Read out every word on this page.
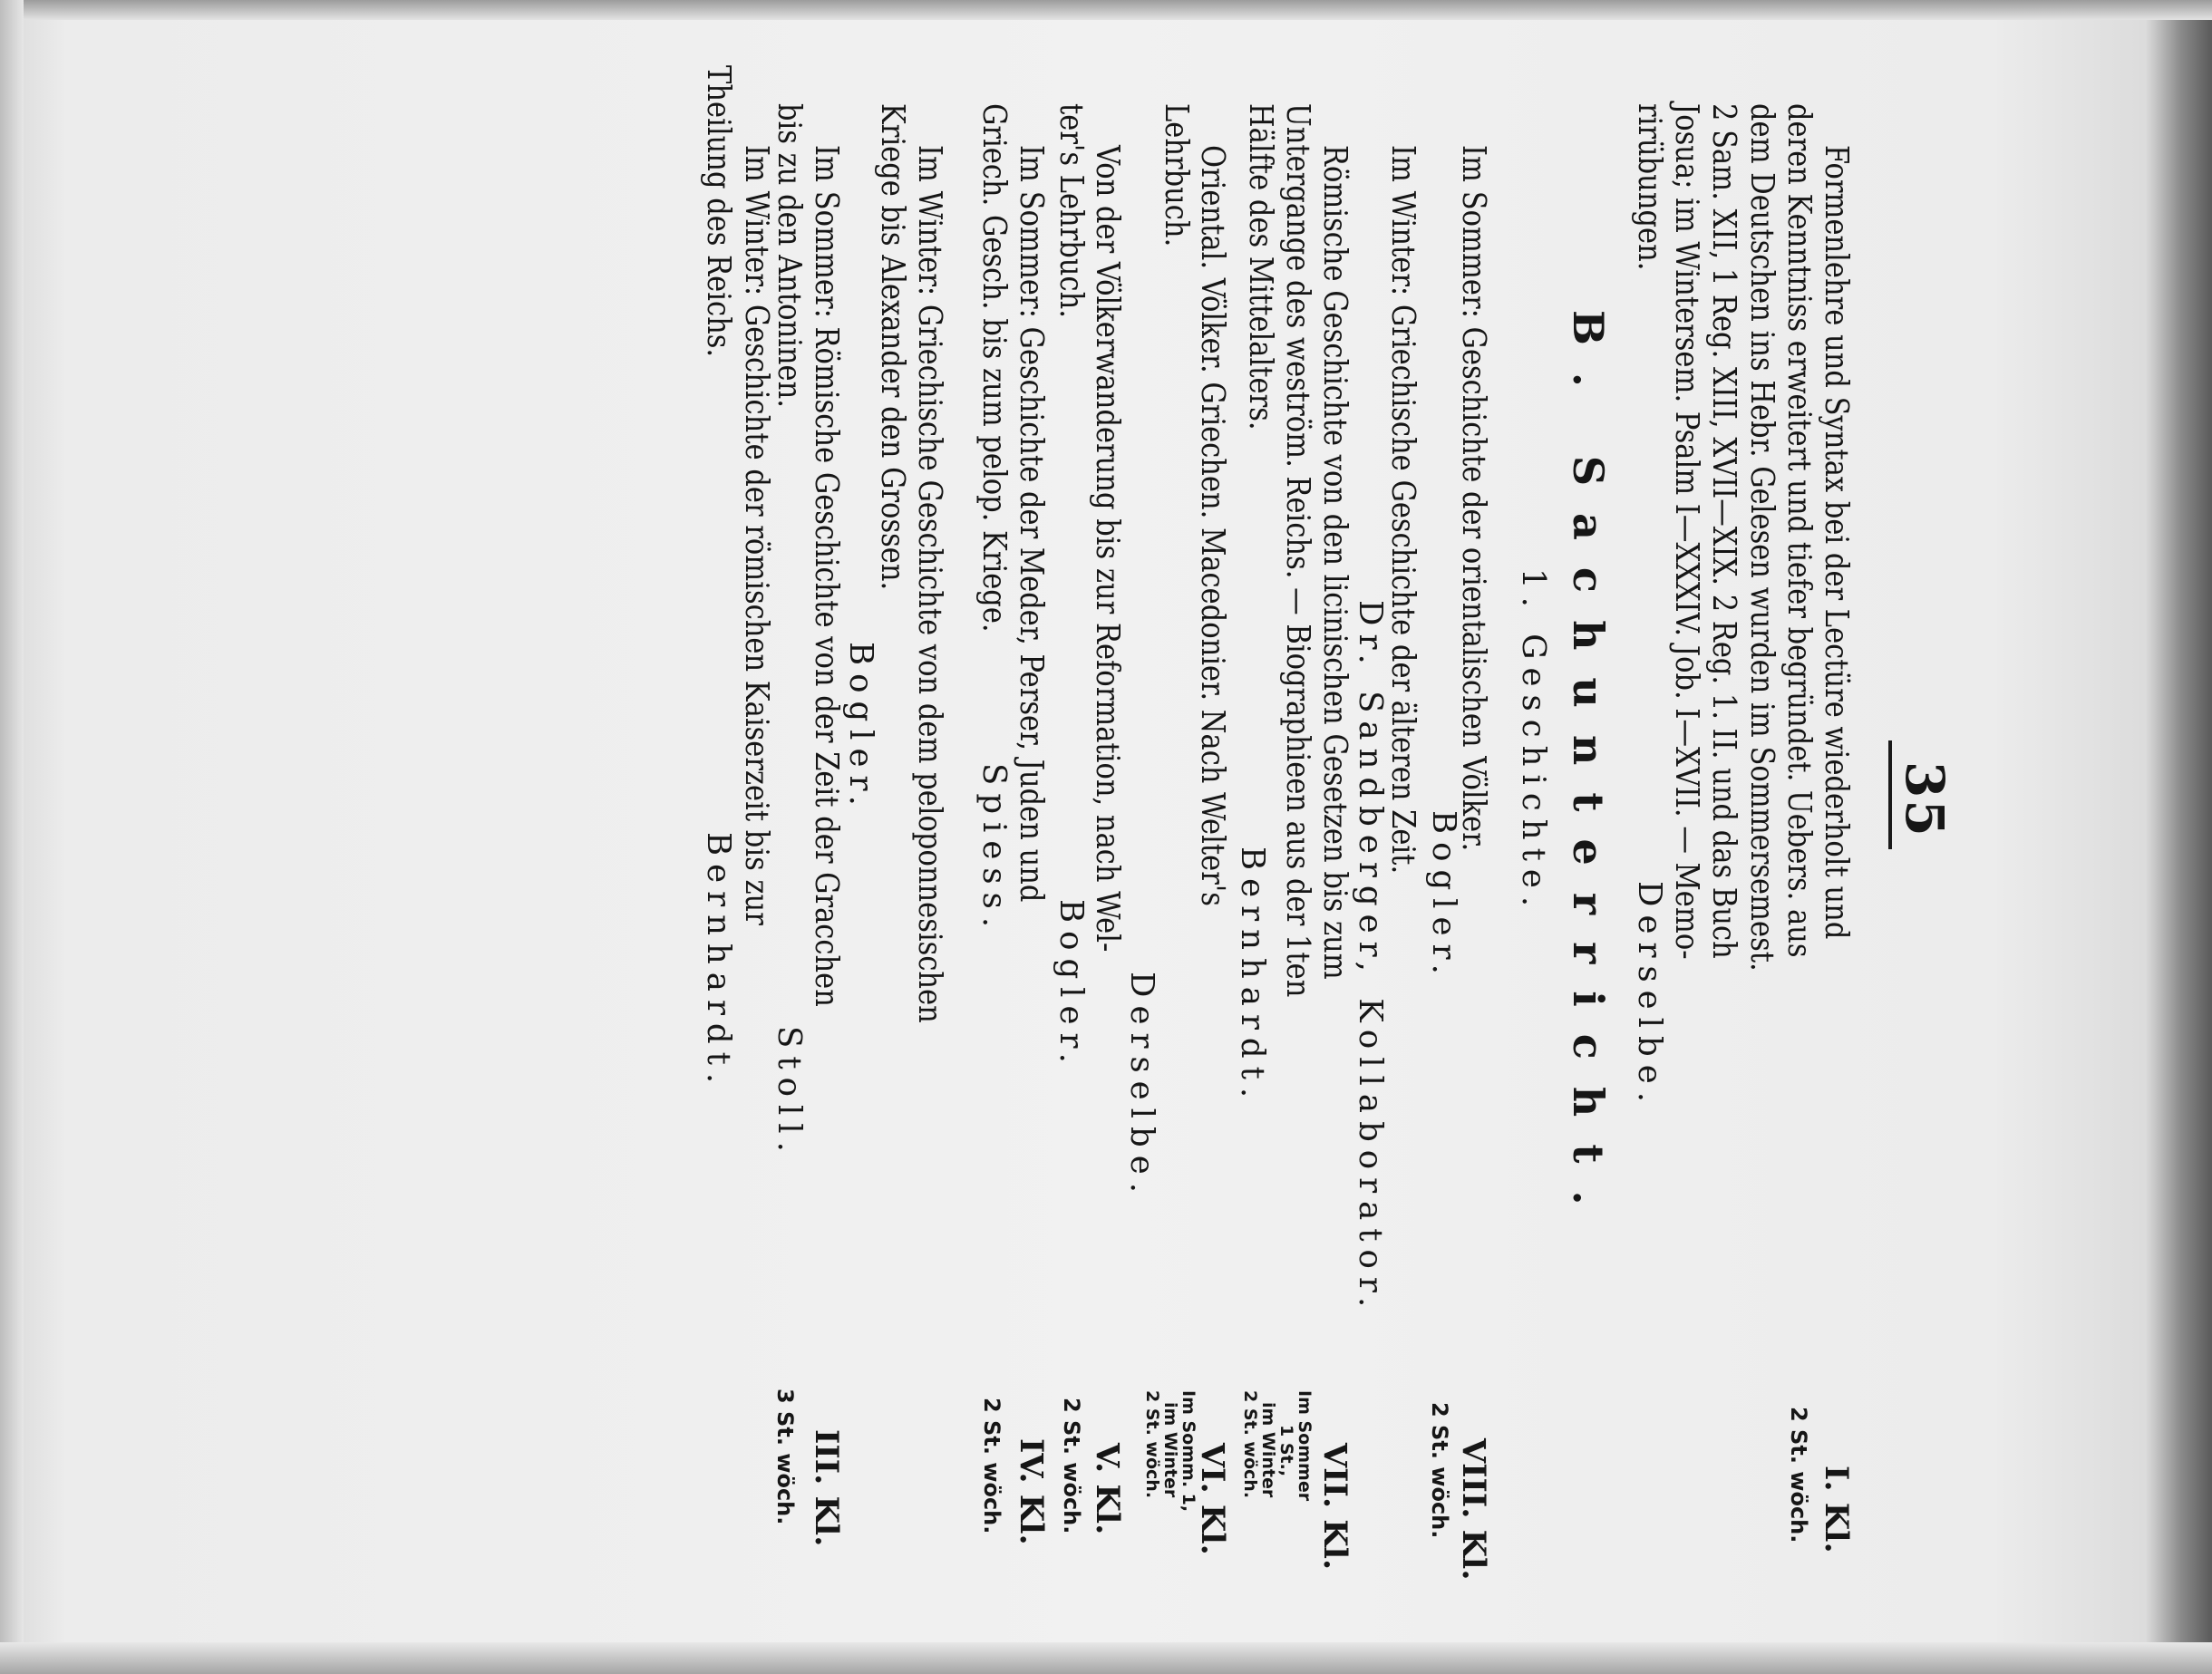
35
Formenlehre und Syntax bei der Lectüre wiederholt und
I. Kl.
deren Kenntniss erweitert und tiefer begründet. Uebers. aus
2 St. wöch.
dem Deutschen ins Hebr. Gelesen wurden im Sommersemest.
2 Sam. XII, 1 Reg. XIII, XVII—XIX. 2 Reg. 1. II. und das Buch
Josua; im Wintersem. Psalm I—XXXIV. Job. I—XVII. — Memo-
rirübungen.
Derselbe.
B. Sachunterricht.
1. Geschichte.
Im Sommer: Geschichte der orientalischen Völker.
VIII. Kl.
Bogler.
2 St. wöch.
Im Winter: Griechische Geschichte der älteren Zeit.
Dr. Sandberger, Kollaborator.
Römische Geschichte von den licinischen Gesetzen bis zum
VII. Kl.
Untergange des weström. Reichs. — Biographieen aus der 1ten
Im Sommer
1 St.,
Hälfte des Mittelalters.
im Winter
2 St. wöch.
Bernhardt.
Oriental. Völker. Griechen. Macedonier. Nach Welter's
VI. Kl.
Im Somm. 1,
Lehrbuch.
im Winter
2 St. wöch.
Derselbe.
Von der Völkerwanderung bis zur Reformation, nach Wel-
V. Kl.
ter's Lehrbuch.
2 St. wöch.
Bogler.
Im Sommer: Geschichte der Meder, Perser, Juden und
IV. Kl.
Griech. Gesch. bis zum pelop. Kriege.
Spiess.
2 St. wöch.
Im Winter: Griechische Geschichte von dem peloponnesischen
Kriege bis Alexander den Grossen.
Bogler.
Im Sommer: Römische Geschichte von der Zeit der Gracchen
III. Kl.
bis zu den Antoninen.
Stoll.
3 St. wöch.
Im Winter: Geschichte der römischen Kaiserzeit bis zur
Theilung des Reichs.
Bernhardt.
